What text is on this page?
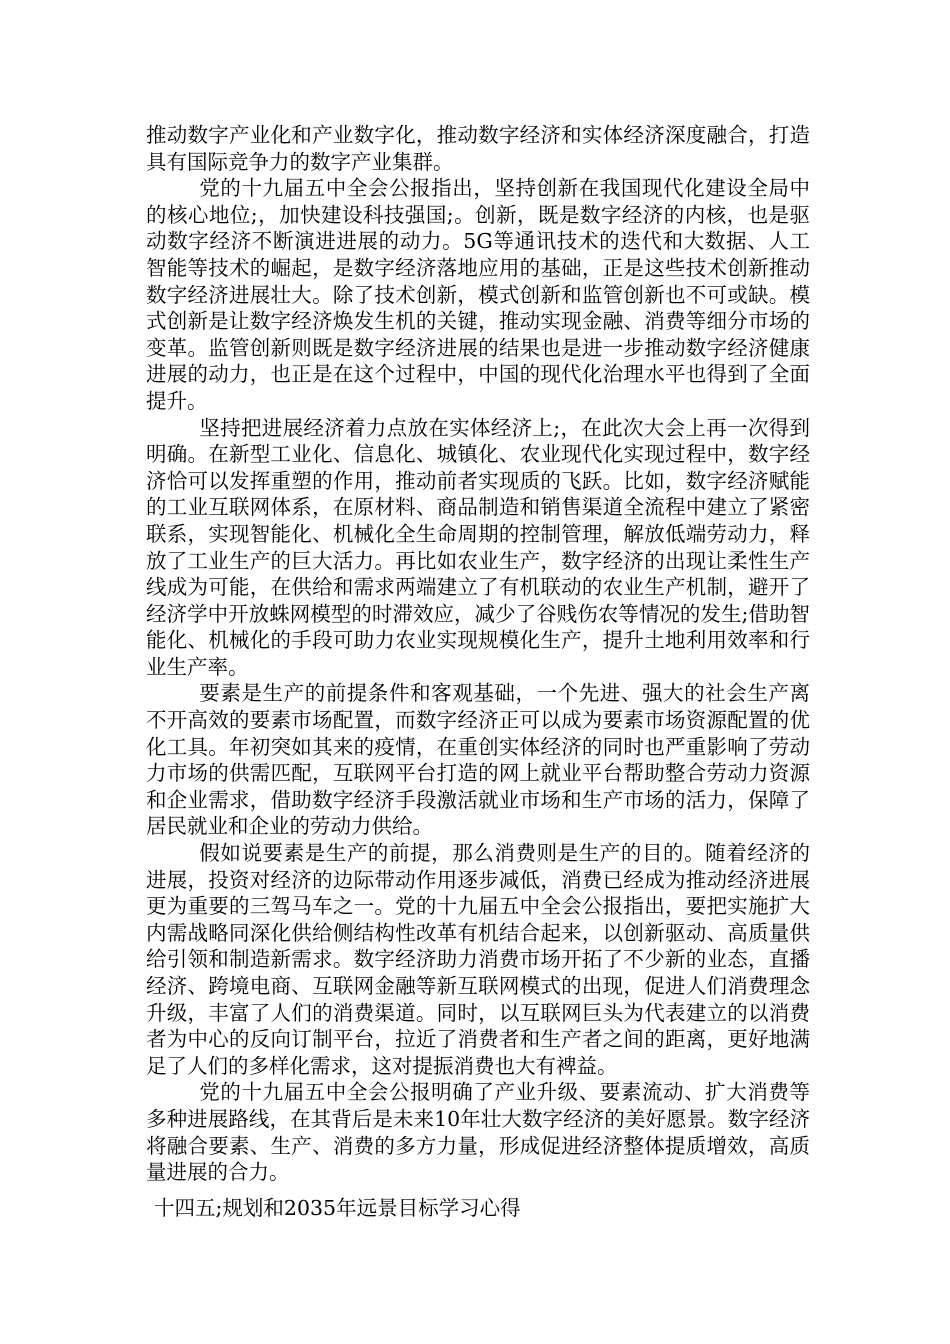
推动数字产业化和产业数字化，推动数字经济和实体经济深度融合，打造具有国际竞争力的数字产业集群。

党的十九届五中全会公报指出，坚持创新在我国现代化建设全局中的核心地位;，加快建设科技强国;。创新，既是数字经济的内核，也是驱动数字经济不断演进进展的动力。5G等通讯技术的迭代和大数据、人工智能等技术的崛起，是数字经济落地应用的基础，正是这些技术创新推动数字经济进展壮大。除了技术创新，模式创新和监管创新也不可或缺。模式创新是让数字经济焕发生机的关键，推动实现金融、消费等细分市场的变革。监管创新则既是数字经济进展的结果也是进一步推动数字经济健康进展的动力，也正是在这个过程中，中国的现代化治理水平也得到了全面提升。

坚持把进展经济着力点放在实体经济上;，在此次大会上再一次得到明确。在新型工业化、信息化、城镇化、农业现代化实现过程中，数字经济恰可以发挥重塑的作用，推动前者实现质的飞跃。比如，数字经济赋能的工业互联网体系，在原材料、商品制造和销售渠道全流程中建立了紧密联系，实现智能化、机械化全生命周期的控制管理，解放低端劳动力，释放了工业生产的巨大活力。再比如农业生产，数字经济的出现让柔性生产线成为可能，在供给和需求两端建立了有机联动的农业生产机制，避开了经济学中开放蛛网模型的时滞效应，减少了谷贱伤农等情况的发生;借助智能化、机械化的手段可助力农业实现规模化生产，提升土地利用效率和行业生产率。

要素是生产的前提条件和客观基础，一个先进、强大的社会生产离不开高效的要素市场配置，而数字经济正可以成为要素市场资源配置的优化工具。年初突如其来的疫情，在重创实体经济的同时也严重影响了劳动力市场的供需匹配，互联网平台打造的网上就业平台帮助整合劳动力资源和企业需求，借助数字经济手段激活就业市场和生产市场的活力，保障了居民就业和企业的劳动力供给。

假如说要素是生产的前提，那么消费则是生产的目的。随着经济的进展，投资对经济的边际带动作用逐步减低，消费已经成为推动经济进展更为重要的三驾马车之一。党的十九届五中全会公报指出，要把实施扩大内需战略同深化供给侧结构性改革有机结合起来，以创新驱动、高质量供给引领和制造新需求。数字经济助力消费市场开拓了不少新的业态，直播经济、跨境电商、互联网金融等新互联网模式的出现，促进人们消费理念升级，丰富了人们的消费渠道。同时，以互联网巨头为代表建立的以消费者为中心的反向订制平台，拉近了消费者和生产者之间的距离，更好地满足了人们的多样化需求，这对提振消费也大有裨益。

党的十九届五中全会公报明确了产业升级、要素流动、扩大消费等多种进展路线，在其背后是未来10年壮大数字经济的美好愿景。数字经济将融合要素、生产、消费的多方力量，形成促进经济整体提质增效，高质量进展的合力。

十四五;规划和2035年远景目标学习心得
